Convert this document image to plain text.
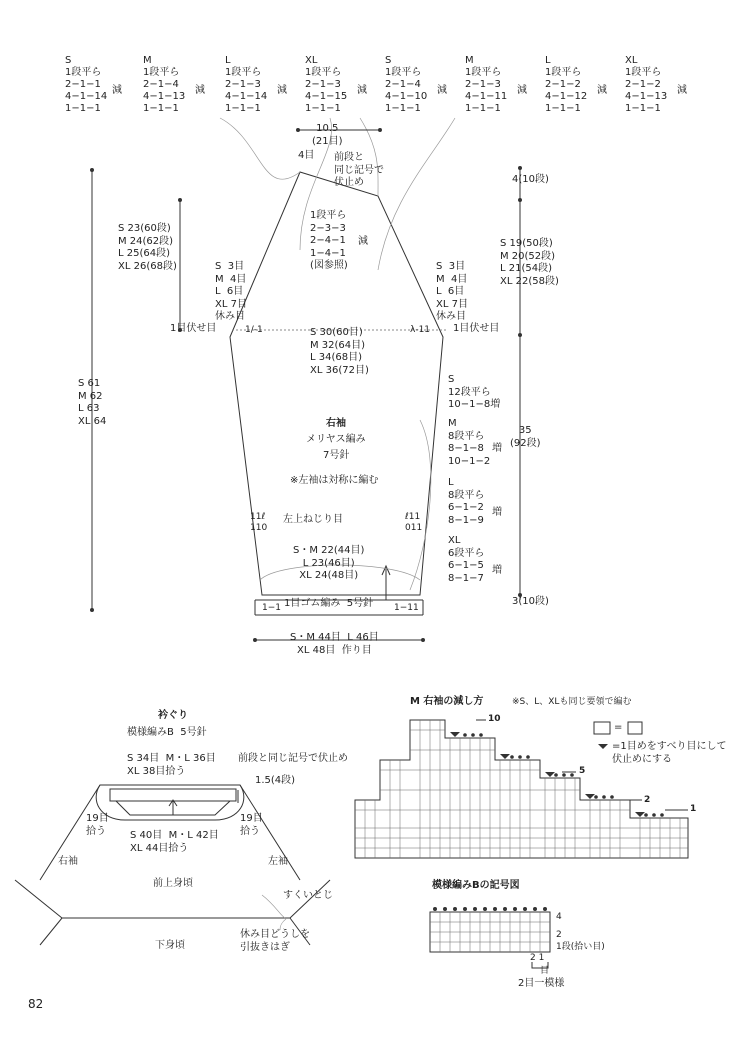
S
1段平ら
2−1−1
4−1−14
1−1−1
減
M
1段平ら
2−1−4
4−1−13
1−1−1
減
L
1段平ら
2−1−3
4−1−14
1−1−1
減
XL
1段平ら
2−1−3
4−1−15
1−1−1
減
S
1段平ら
2−1−4
4−1−10
1−1−1
減
M
1段平ら
2−1−3
4−1−11
1−1−1
減
L
1段平ら
2−1−2
4−1−12
1−1−1
減
XL
1段平ら
2−1−2
4−1−13
1−1−1
減
10.5
(21目)
4目 前段と
同じ記号で
伏止め
1段平ら
2−3−3
2−4−1
1−4−1
(図参照)
減
S 23(60段)
M 24(62段)
L 25(64段)
XL 26(68段)
4(10段)
S 19(50段)
M 20(52段)
L 21(54段)
XL 22(58段)
S  3目
M  4目
L  6目
XL 7目
休み目
S  3目
M  4目
L  6目
XL 7目
休み目
1目伏せ目	1目伏せ目
1/-1	λ-11
S 61
M 62
L 63
XL 64
S 30(60目)
M 32(64目)
L 34(68目)
XL 36(72目)
右袖
メリヤス編み
7号針
※左袖は対称に編む
11ℓ
110
ℓ11
011
左上ねじり目
S・M 22(44目)
L 23(46目)
XL 24(48目)
1目ゴム編み  5号針
1−1	1−11
S・M 44目  L 46目
XL 48目  作り目
S
12段平ら
10−1−8増
M
8段平ら
8−1−8
10−1−2
増
L
8段平ら
6−1−2
8−1−9
増
XL
6段平ら
6−1−5
8−1−7
増
35
(92段)
3(10段)
衿ぐり
模様編みB  5号針
S 34目  M・L 36目
XL 38目拾う
前段と同じ記号で伏止め
1.5(4段)
19目
拾う
19目
拾う
S 40目  M・L 42目
XL 44目拾う
右袖	左袖
前上身頃
すくいとじ
下身頃
休み目どうしを
引抜きはぎ
M 右袖の減し方	※S、L、XLも同じ要領で編む
=
=1目めをすべり目にして
伏止めにする
10
5
2
1
模様編みBの記号図
4
2
1段(拾い目)
2 1
目
2目一模様
82
